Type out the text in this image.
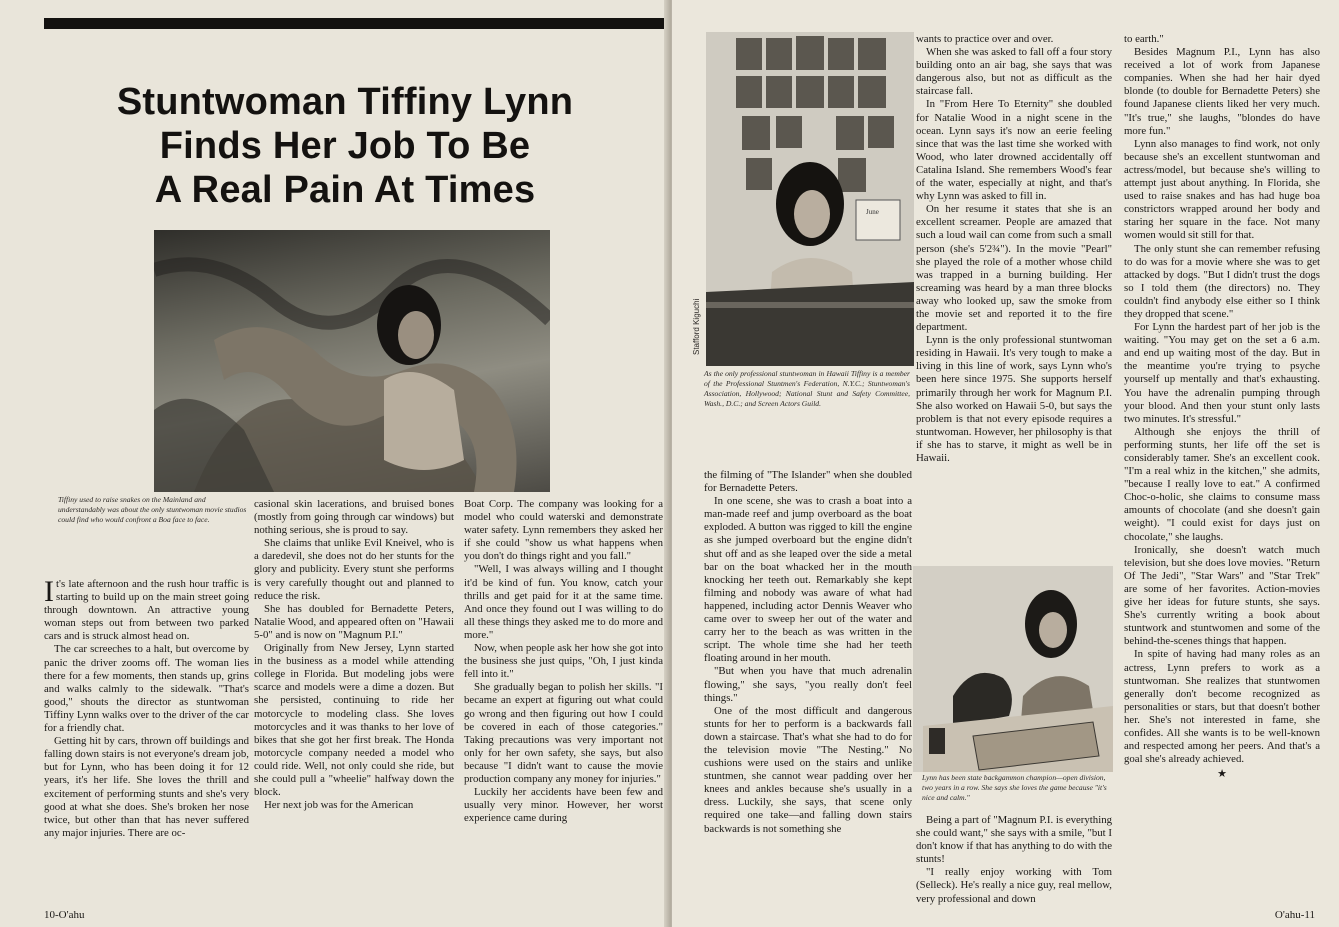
Stuntwoman Tiffiny Lynn
Finds Her Job To Be
A Real Pain At Times

Tiffiny used to raise snakes on the Mainland and understandably was about the only stuntwoman movie studios could find who would confront a Boa face to face.

It's late afternoon and the rush hour traffic is starting to build up on the main street going through downtown. An attractive young woman steps out from between two parked cars and is struck almost head on.

The car screeches to a halt, but overcome by panic the driver zooms off. The woman lies there for a few moments, then stands up, grins and walks calmly to the sidewalk. "That's good," shouts the director as stuntwoman Tiffiny Lynn walks over to the driver of the car for a friendly chat.

Getting hit by cars, thrown off buildings and falling down stairs is not everyone's dream job, but for Lynn, who has been doing it for 12 years, it's her life. She loves the thrill and excitement of performing stunts and she's very good at what she does. She's broken her nose twice, but other than that has never suffered any major injuries. There are oc-

casional skin lacerations, and bruised bones (mostly from going through car windows) but nothing serious, she is proud to say.

She claims that unlike Evil Kneivel, who is a daredevil, she does not do her stunts for the glory and publicity. Every stunt she performs is very carefully thought out and planned to reduce the risk.

She has doubled for Bernadette Peters, Natalie Wood, and appeared often on "Hawaii 5-0" and is now on "Magnum P.I."

Originally from New Jersey, Lynn started in the business as a model while attending college in Florida. But modeling jobs were scarce and models were a dime a dozen. But she persisted, continuing to ride her motorcycle to modeling class. She loves motorcycles and it was thanks to her love of bikes that she got her first break. The Honda motorcycle company needed a model who could ride. Well, not only could she ride, but she could pull a "wheelie" halfway down the block.

Her next job was for the American

Boat Corp. The company was looking for a model who could waterski and demonstrate water safety. Lynn remembers they asked her if she could "show us what happens when you don't do things right and you fall."

"Well, I was always willing and I thought it'd be kind of fun. You know, catch your thrills and get paid for it at the same time. And once they found out I was willing to do all these things they asked me to do more and more."

Now, when people ask her how she got into the business she just quips, "Oh, I just kinda fell into it."

She gradually began to polish her skills. "I became an expert at figuring out what could go wrong and then figuring out how I could be covered in each of those categories." Taking precautions was very important not only for her own safety, she says, but also because "I didn't want to cause the movie production company any money for injuries."

Luckily her accidents have been few and usually very minor. However, her worst experience came during

10-O'ahu
June
Stafford Kiguchi

As the only professional stuntwoman in Hawaii Tiffiny is a member of the Professional Stuntmen's Federation, N.Y.C.; Stuntwoman's Association, Hollywood; National Stunt and Safety Committee, Wash., D.C.; and Screen Actors Guild.

the filming of "The Islander" when she doubled for Bernadette Peters.

In one scene, she was to crash a boat into a man-made reef and jump overboard as the boat exploded. A button was rigged to kill the engine as she jumped overboard but the engine didn't shut off and as she leaped over the side a metal bar on the boat whacked her in the mouth knocking her teeth out. Remarkably she kept filming and nobody was aware of what had happened, including actor Dennis Weaver who came over to sweep her out of the water and carry her to the beach as was written in the script. The whole time she had her teeth floating around in her mouth.

"But when you have that much adrenalin flowing," she says, "you really don't feel things."

One of the most difficult and dangerous stunts for her to perform is a backwards fall down a staircase. That's what she had to do for the television movie "The Nesting." No cushions were used on the stairs and unlike stuntmen, she cannot wear padding over her knees and ankles because she's usually in a dress. Luckily, she says, that scene only required one take—and falling down stairs backwards is not something she

wants to practice over and over.

When she was asked to fall off a four story building onto an air bag, she says that was dangerous also, but not as difficult as the staircase fall.

In "From Here To Eternity" she doubled for Natalie Wood in a night scene in the ocean. Lynn says it's now an eerie feeling since that was the last time she worked with Wood, who later drowned accidentally off Catalina Island. She remembers Wood's fear of the water, especially at night, and that's why Lynn was asked to fill in.

On her resume it states that she is an excellent screamer. People are amazed that such a loud wail can come from such a small person (she's 5'2¾"). In the movie "Pearl" she played the role of a mother whose child was trapped in a burning building. Her screaming was heard by a man three blocks away who looked up, saw the smoke from the movie set and reported it to the fire department.

Lynn is the only professional stuntwoman residing in Hawaii. It's very tough to make a living in this line of work, says Lynn who's been here since 1975. She supports herself primarily through her work for Magnum P.I. She also worked on Hawaii 5-0, but says the problem is that not every episode requires a stuntwoman. However, her philosophy is that if she has to starve, it might as well be in Hawaii.

Lynn has been state backgammon champion—open division, two years in a row. She says she loves the game because "it's nice and calm."

Being a part of "Magnum P.I. is everything she could want," she says with a smile, "but I don't know if that has anything to do with the stunts!

"I really enjoy working with Tom (Selleck). He's really a nice guy, real mellow, very professional and down

to earth."

Besides Magnum P.I., Lynn has also received a lot of work from Japanese companies. When she had her hair dyed blonde (to double for Bernadette Peters) she found Japanese clients liked her very much. "It's true," she laughs, "blondes do have more fun."

Lynn also manages to find work, not only because she's an excellent stuntwoman and actress/model, but because she's willing to attempt just about anything. In Florida, she used to raise snakes and has had huge boa constrictors wrapped around her body and staring her square in the face. Not many women would sit still for that.

The only stunt she can remember refusing to do was for a movie where she was to get attacked by dogs. "But I didn't trust the dogs so I told them (the directors) no. They couldn't find anybody else either so I think they dropped that scene."

For Lynn the hardest part of her job is the waiting. "You may get on the set a 6 a.m. and end up waiting most of the day. But in the meantime you're trying to psyche yourself up mentally and that's exhausting. You have the adrenalin pumping through your blood. And then your stunt only lasts two minutes. It's stressful."

Although she enjoys the thrill of performing stunts, her life off the set is considerably tamer. She's an excellent cook. "I'm a real whiz in the kitchen," she admits, "because I really love to eat." A confirmed Choc-o-holic, she claims to consume mass amounts of chocolate (and she doesn't gain weight). "I could exist for days just on chocolate," she laughs.

Ironically, she doesn't watch much television, but she does love movies. "Return Of The Jedi", "Star Wars" and "Star Trek" are some of her favorites. Action-movies give her ideas for future stunts, she says. She's currently writing a book about stuntwork and stuntwomen and some of the behind-the-scenes things that happen.

In spite of having had many roles as an actress, Lynn prefers to work as a stuntwoman. She realizes that stuntwomen generally don't become recognized as personalities or stars, but that doesn't bother her. She's not interested in fame, she confides. All she wants is to be well-known and respected among her peers. And that's a goal she's already achieved.

★
O'ahu-11
